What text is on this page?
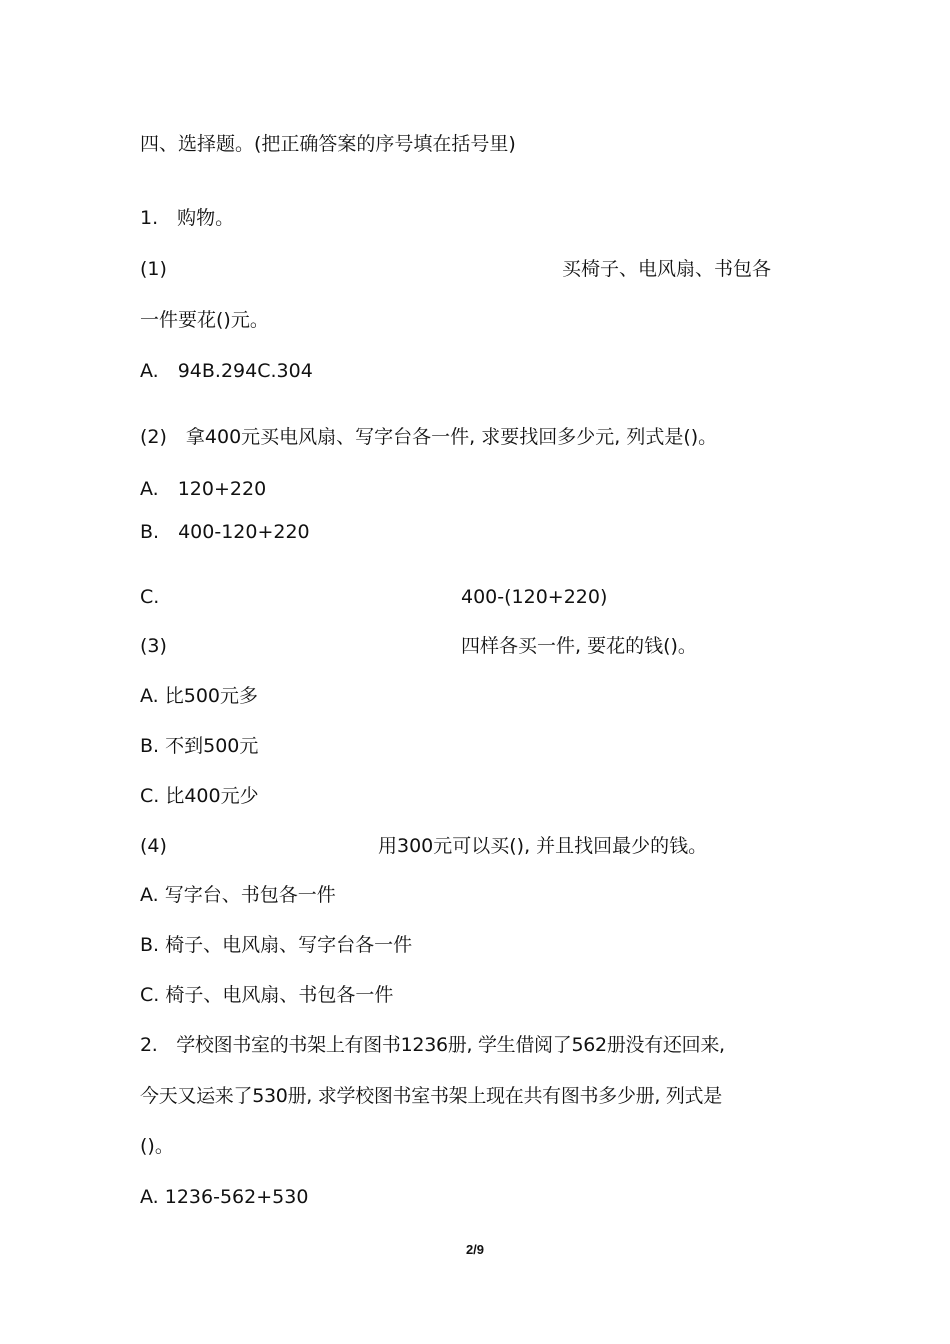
四、选择题。(把正确答案的序号填在括号里)
1.　购物。
(1)	买椅子、电风扇、书包各
一件要花()元。
A.　94B.294C.304
(2)　拿400元买电风扇、写字台各一件, 求要找回多少元, 列式是()。
A.　120+220
B.　400-120+220
C.	400-(120+220)
(3)	四样各买一件, 要花的钱()。
A. 比500元多
B. 不到500元
C. 比400元少
(4)	用300元可以买(), 并且找回最少的钱。
A. 写字台、书包各一件
B. 椅子、电风扇、写字台各一件
C. 椅子、电风扇、书包各一件
2.　学校图书室的书架上有图书1236册, 学生借阅了562册没有还回来,
今天又运来了530册, 求学校图书室书架上现在共有图书多少册, 列式是
()。
A. 1236-562+530
2/9
